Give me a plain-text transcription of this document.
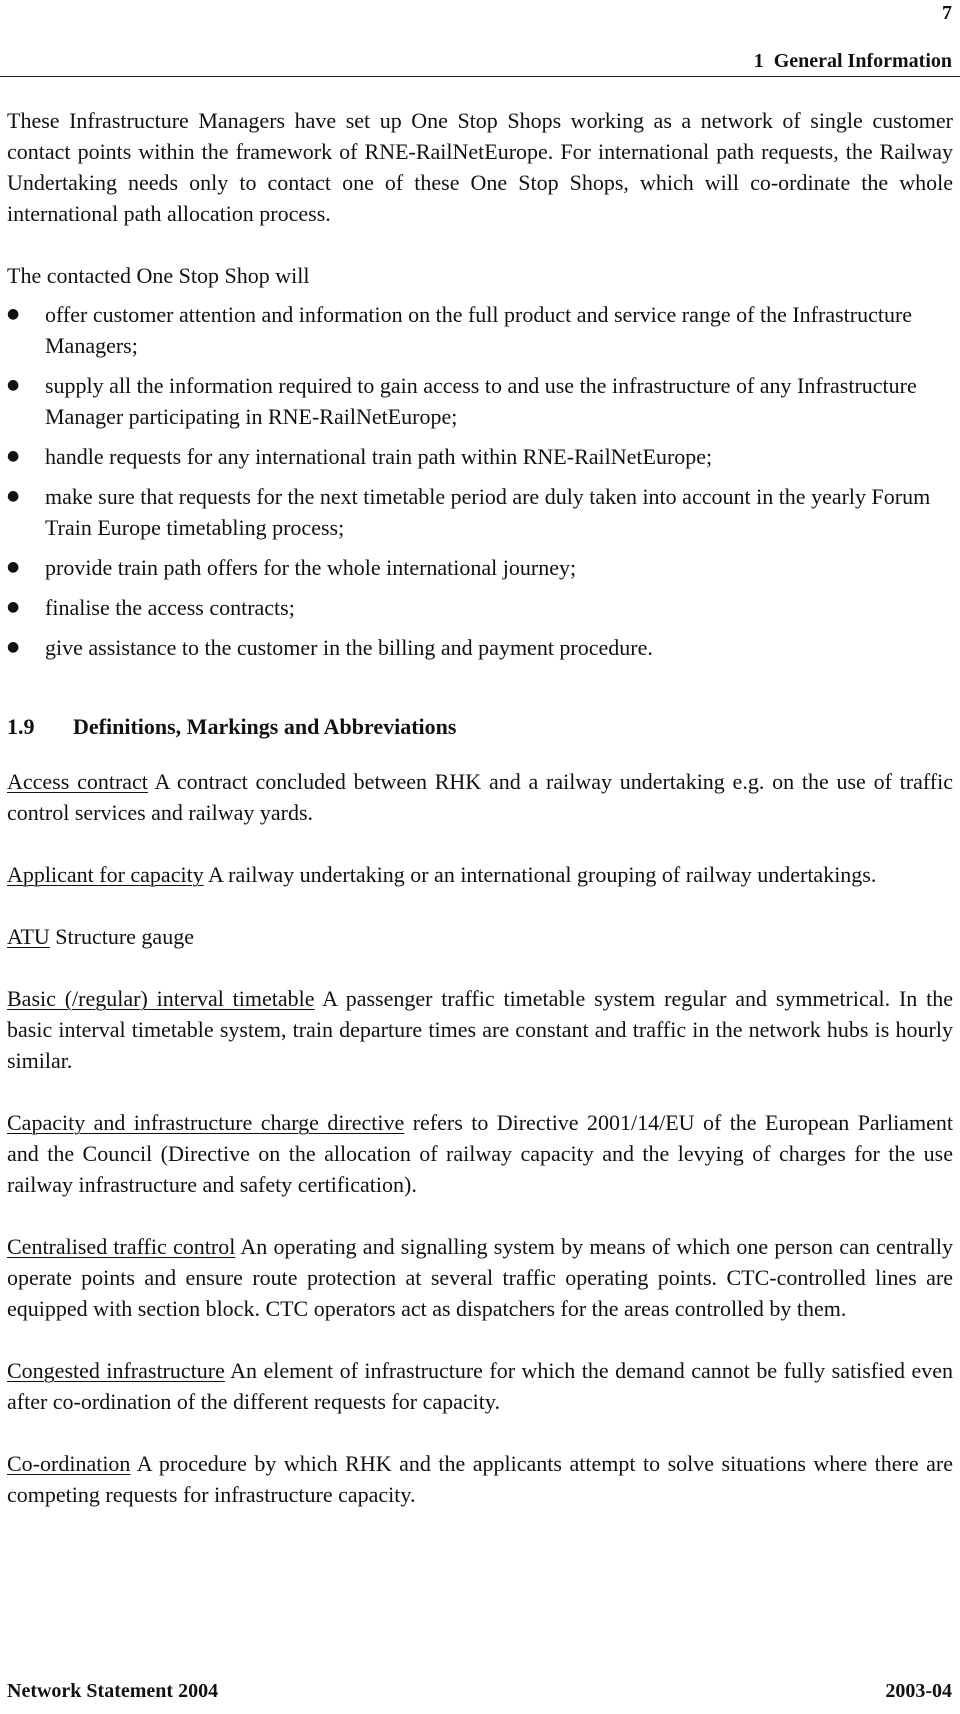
7
1  General Information

These Infrastructure Managers have set up One Stop Shops working as a network of single customer contact points within the framework of RNE-RailNetEurope. For international path requests, the Railway Undertaking needs only to contact one of these One Stop Shops, which will co-ordinate the whole international path allocation process.

The contacted One Stop Shop will

●	offer customer attention and information on the full product and service range of the Infrastructure Managers;
●	supply all the information required to gain access to and use the infrastructure of any Infrastructure Manager participating in RNE-RailNetEurope;
●	handle requests for any international train path within RNE-RailNetEurope;
●	make sure that requests for the next timetable period are duly taken into account in the yearly Forum Train Europe timetabling process;
●	provide train path offers for the whole international journey;
●	finalise the access contracts;
●	give assistance to the customer in the billing and payment procedure.
1.9 Definitions, Markings and Abbreviations

Access contract A contract concluded between RHK and a railway undertaking e.g. on the use of traffic control services and railway yards.

Applicant for capacity A railway undertaking or an international grouping of railway undertakings.

ATU Structure gauge

Basic (/regular) interval timetable A passenger traffic timetable system regular and symmetrical. In the basic interval timetable system, train departure times are constant and traffic in the network hubs is hourly similar.

Capacity and infrastructure charge directive refers to Directive 2001/14/EU of the European Parliament and the Council (Directive on the allocation of railway capacity and the levying of charges for the use railway infrastructure and safety certification).

Centralised traffic control An operating and signalling system by means of which one person can centrally operate points and ensure route protection at several traffic operating points. CTC-controlled lines are equipped with section block. CTC operators act as dispatchers for the areas controlled by them.

Congested infrastructure An element of infrastructure for which the demand cannot be fully satisfied even after co-ordination of the different requests for capacity.

Co-ordination A procedure by which RHK and the applicants attempt to solve situations where there are competing requests for infrastructure capacity.

Network Statement 2004	2003-04
